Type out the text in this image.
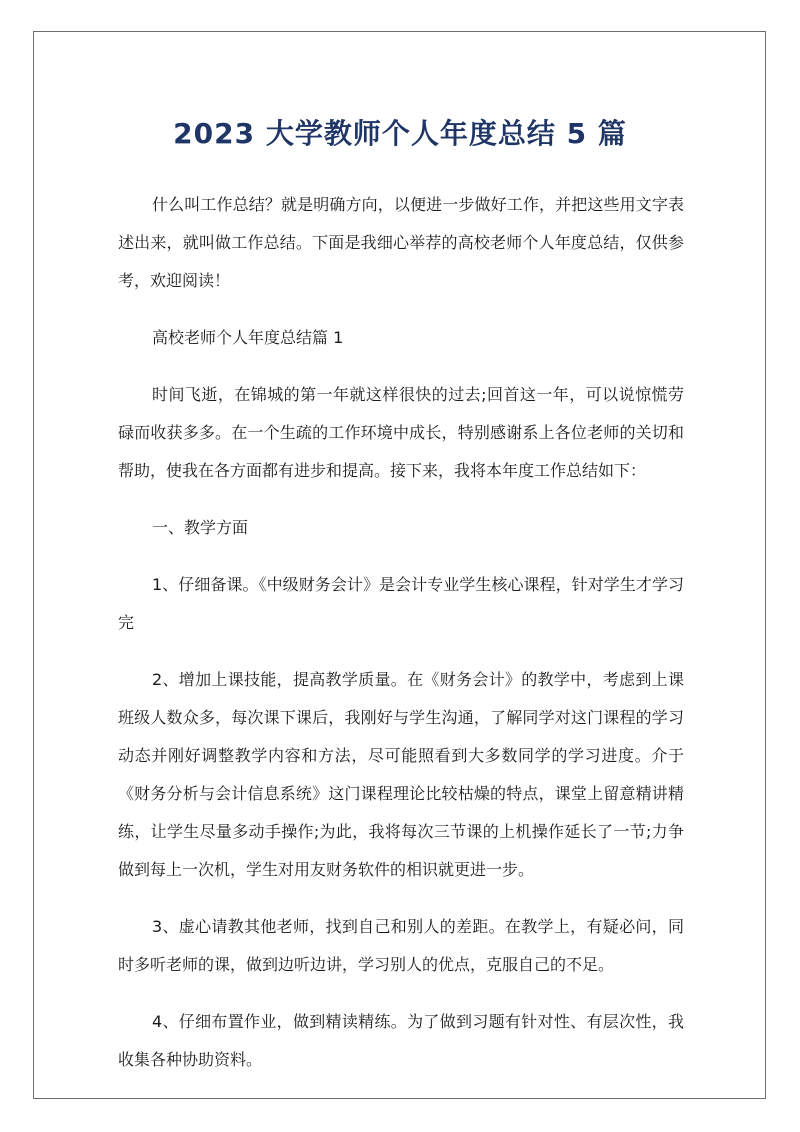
2023 大学教师个人年度总结 5 篇

什么叫工作总结？就是明确方向，以便进一步做好工作，并把这些用文字表述出来，就叫做工作总结。下面是我细心举荐的高校老师个人年度总结，仅供参考，欢迎阅读！

高校老师个人年度总结篇 1

时间飞逝，在锦城的第一年就这样很快的过去;回首这一年，可以说惊慌劳碌而收获多多。在一个生疏的工作环境中成长，特别感谢系上各位老师的关切和帮助，使我在各方面都有进步和提高。接下来，我将本年度工作总结如下：

一、教学方面

1、仔细备课。《中级财务会计》是会计专业学生核心课程，针对学生才学习完

2、增加上课技能，提高教学质量。在《财务会计》的教学中，考虑到上课班级人数众多，每次课下课后，我刚好与学生沟通，了解同学对这门课程的学习动态并刚好调整教学内容和方法，尽可能照看到大多数同学的学习进度。介于《财务分析与会计信息系统》这门课程理论比较枯燥的特点，课堂上留意精讲精练，让学生尽量多动手操作;为此，我将每次三节课的上机操作延长了一节;力争做到每上一次机，学生对用友财务软件的相识就更进一步。

3、虚心请教其他老师，找到自己和别人的差距。在教学上，有疑必问，同时多听老师的课，做到边听边讲，学习别人的优点，克服自己的不足。

4、仔细布置作业，做到精读精练。为了做到习题有针对性、有层次性，我收集各种协助资料。
